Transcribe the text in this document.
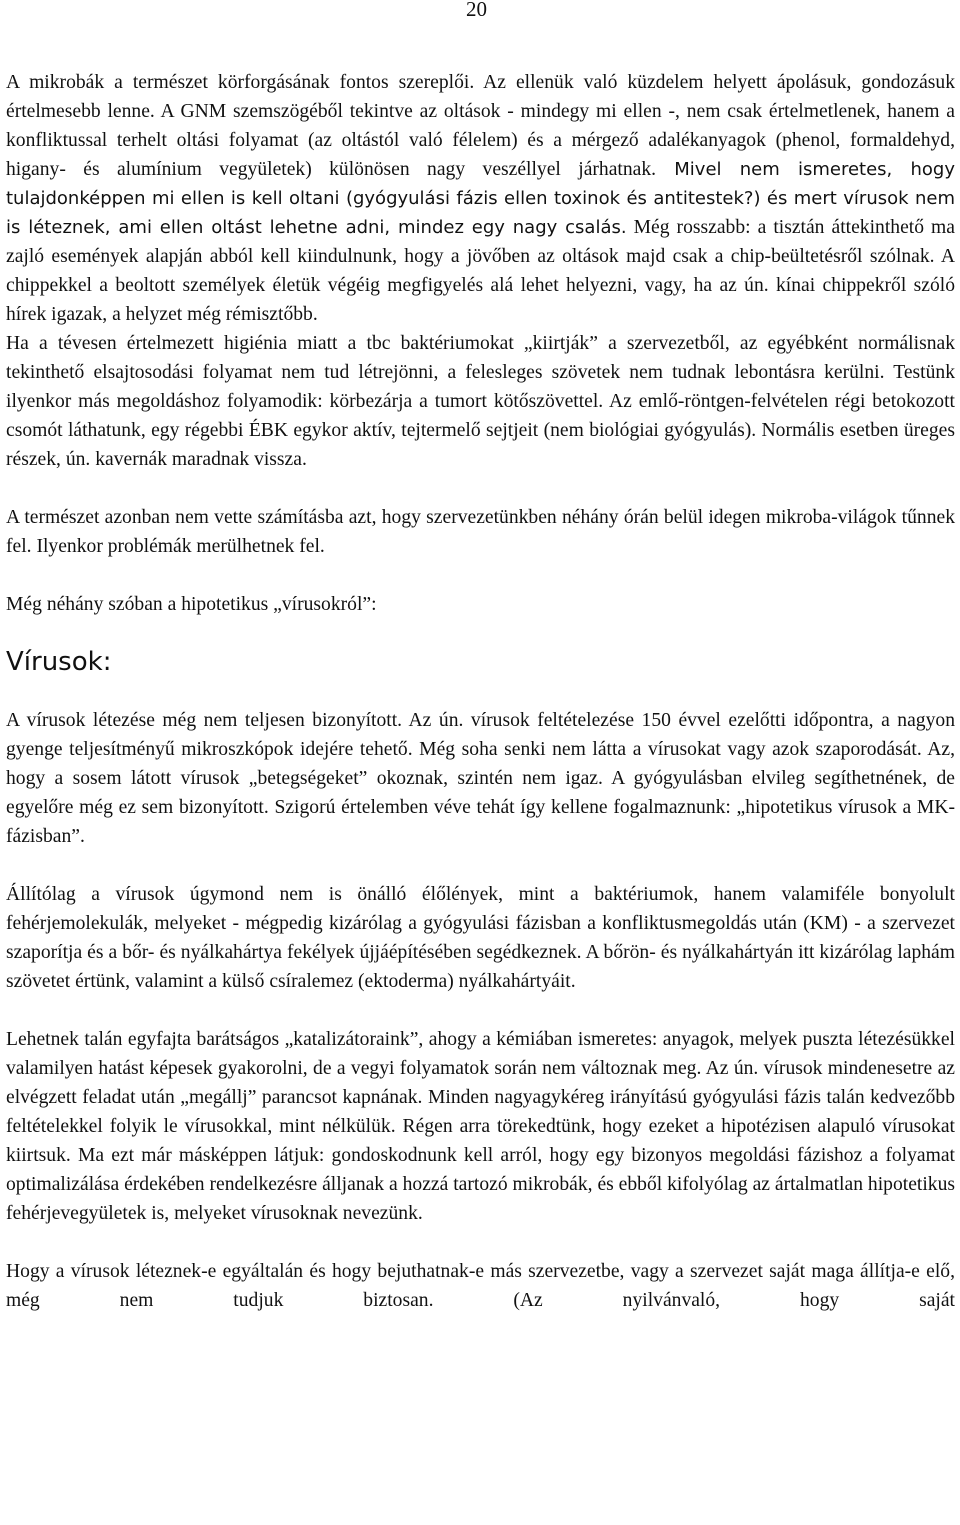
20

A mikrobák a természet körforgásának fontos szereplői. Az ellenük való küzdelem helyett ápolásuk, gondozásuk értelmesebb lenne. A GNM szemszögéből tekintve az oltások - mindegy mi ellen -, nem csak értelmetlenek, hanem a konfliktussal terhelt oltási folyamat (az oltástól való félelem) és a mérgező adalékanyagok (phenol, formaldehyd, higany- és alumínium vegyületek) különösen nagy veszéllyel járhatnak. Mivel nem ismeretes, hogy tulajdonképpen mi ellen is kell oltani (gyógyulási fázis ellen toxinok és antitestek?) és mert vírusok nem is léteznek, ami ellen oltást lehetne adni, mindez egy nagy csalás. Még rosszabb: a tisztán áttekinthető ma zajló események alapján abból kell kiindulnunk, hogy a jövőben az oltások majd csak a chip-beültetésről szólnak. A chippekkel a beoltott személyek életük végéig megfigyelés alá lehet helyezni, vagy, ha az ún. kínai chippekről szóló hírek igazak, a helyzet még rémisztőbb.

Ha a tévesen értelmezett higiénia miatt a tbc baktériumokat „kiirtják” a szervezetből, az egyébként normálisnak tekinthető elsajtosodási folyamat nem tud létrejönni, a felesleges szövetek nem tudnak lebontásra kerülni. Testünk ilyenkor más megoldáshoz folyamodik: körbezárja a tumort kötőszövettel. Az emlő-röntgen-felvételen régi betokozott csomót láthatunk, egy régebbi ÉBK egykor aktív, tejtermelő sejtjeit (nem biológiai gyógyulás). Normális esetben üreges részek, ún. kavernák maradnak vissza.

A természet azonban nem vette számításba azt, hogy szervezetünkben néhány órán belül idegen mikroba-világok tűnnek fel. Ilyenkor problémák merülhetnek fel.

Még néhány szóban a hipotetikus „vírusokról”:

Vírusok:

A vírusok létezése még nem teljesen bizonyított. Az ún. vírusok feltételezése 150 évvel ezelőtti időpontra, a nagyon gyenge teljesítményű mikroszkópok idejére tehető. Még soha senki nem látta a vírusokat vagy azok szaporodását. Az, hogy a sosem látott vírusok „betegségeket” okoznak, szintén nem igaz. A gyógyulásban elvileg segíthetnének, de egyelőre még ez sem bizonyított. Szigorú értelemben véve tehát így kellene fogalmaznunk: „hipotetikus vírusok a MK-fázisban”.

Állítólag a vírusok úgymond nem is önálló élőlények, mint a baktériumok, hanem valamiféle bonyolult fehérjemolekulák, melyeket - mégpedig kizárólag a gyógyulási fázisban a konfliktusmegoldás után (KM) - a szervezet szaporítja és a bőr- és nyálkahártya fekélyek újjáépítésében segédkeznek. A bőrön- és nyálkahártyán itt kizárólag laphám szövetet értünk, valamint a külső csíralemez (ektoderma) nyálkahártyáit.

Lehetnek talán egyfajta barátságos „katalizátoraink”, ahogy a kémiában ismeretes: anyagok, melyek puszta létezésükkel valamilyen hatást képesek gyakorolni, de a vegyi folyamatok során nem változnak meg. Az ún. vírusok mindenesetre az elvégzett feladat után „megállj” parancsot kapnának. Minden nagyagykéreg irányítású gyógyulási fázis talán kedvezőbb feltételekkel folyik le vírusokkal, mint nélkülük. Régen arra törekedtünk, hogy ezeket a hipotézisen alapuló vírusokat kiirtsuk. Ma ezt már másképpen látjuk: gondoskodnunk kell arról, hogy egy bizonyos megoldási fázishoz a folyamat optimalizálása érdekében rendelkezésre álljanak a hozzá tartozó mikrobák, és ebből kifolyólag az ártalmatlan hipotetikus fehérjevegyületek is, melyeket vírusoknak nevezünk.

Hogy a vírusok léteznek-e egyáltalán és hogy bejuthatnak-e más szervezetbe, vagy a szervezet saját maga állítja-e elő, még nem tudjuk biztosan. (Az nyilvánvaló, hogy saját
